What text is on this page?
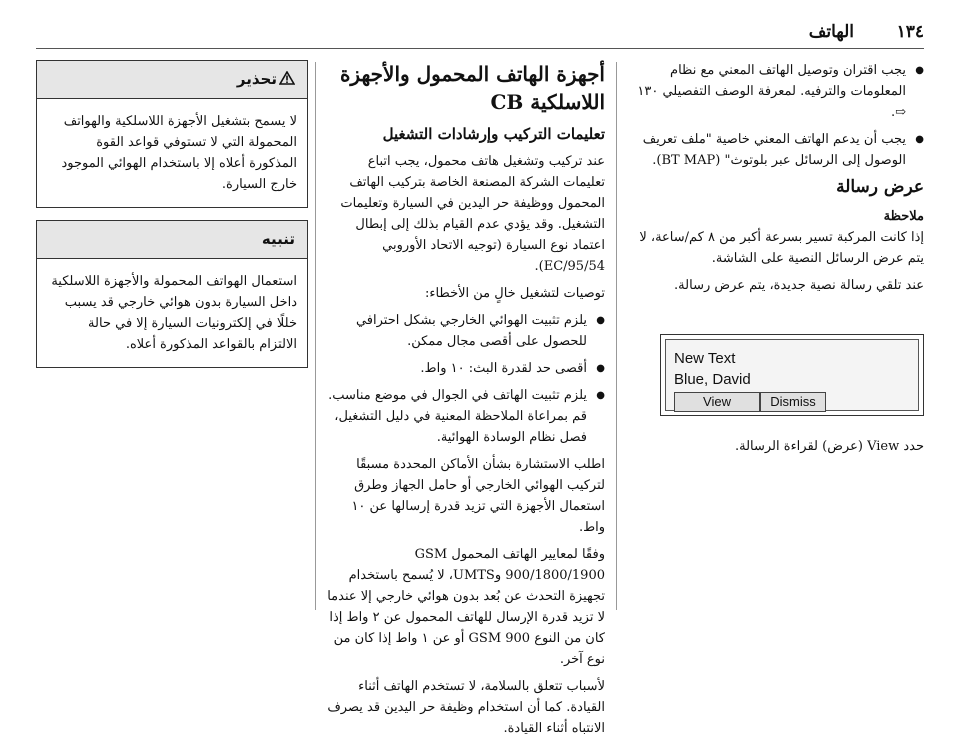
١٣٤
الهاتف
● يجب اقتران وتوصيل الهاتف المعني مع نظام المعلومات والترفيه. لمعرفة الوصف التفصيلي ١٣٠ ⇨.
● يجب أن يدعم الهاتف المعني خاصية "ملف تعريف الوصول إلى الرسائل عبر بلوتوث" (BT MAP).
عرض رسالة
ملاحظة

إذا كانت المركبة تسير بسرعة أكبر من ٨ كم/ساعة، لا يتم عرض الرسائل النصية على الشاشة.

عند تلقي رسالة نصية جديدة، يتم عرض رسالة.

New Text
Blue, David
View	Dismiss

حدد View (عرض) لقراءة الرسالة.

أجهزة الهاتف المحمول والأجهزة اللاسلكية CB
تعليمات التركيب وإرشادات التشغيل

عند تركيب وتشغيل هاتف محمول، يجب اتباع تعليمات الشركة المصنعة الخاصة بتركيب الهاتف المحمول ووظيفة حر اليدين في السيارة وتعليمات التشغيل. وقد يؤدي عدم القيام بذلك إلى إبطال اعتماد نوع السيارة (توجيه الاتحاد الأوروبي 95/54/EC).

توصيات لتشغيل خالٍ من الأخطاء:

● يلزم تثبيت الهوائي الخارجي بشكل احترافي للحصول على أقصى مجال ممكن.
● أقصى حد لقدرة البث: ١٠ واط.
● يلزم تثبيت الهاتف في الجوال في موضع مناسب. قم بمراعاة الملاحظة المعنية في دليل التشغيل، فصل نظام الوسادة الهوائية.

اطلب الاستشارة بشأن الأماكن المحددة مسبقًا لتركيب الهوائي الخارجي أو حامل الجهاز وطرق استعمال الأجهزة التي تزيد قدرة إرسالها عن ١٠ واط.

وفقًا لمعايير الهاتف المحمول GSM 900/1800/1900 وUMTS، لا يُسمح باستخدام تجهيزة التحدث عن بُعد بدون هوائي خارجي إلا عندما لا تزيد قدرة الإرسال للهاتف المحمول عن ٢ واط إذا كان من النوع GSM 900 أو عن ١ واط إذا كان من نوع آخر.

لأسباب تتعلق بالسلامة، لا تستخدم الهاتف أثناء القيادة. كما أن استخدام وظيفة حر اليدين قد يصرف الانتباه أثناء القيادة.

تحذير
لا يسمح بتشغيل الأجهزة اللاسلكية والهواتف المحمولة التي لا تستوفي قواعد القوة المذكورة أعلاه إلا باستخدام الهوائي الموجود خارج السيارة.
تنبيه
استعمال الهواتف المحمولة والأجهزة اللاسلكية داخل السيارة بدون هوائي خارجي قد يسبب خللًا في إلكترونيات السيارة إلا في حالة الالتزام بالقواعد المذكورة أعلاه.
